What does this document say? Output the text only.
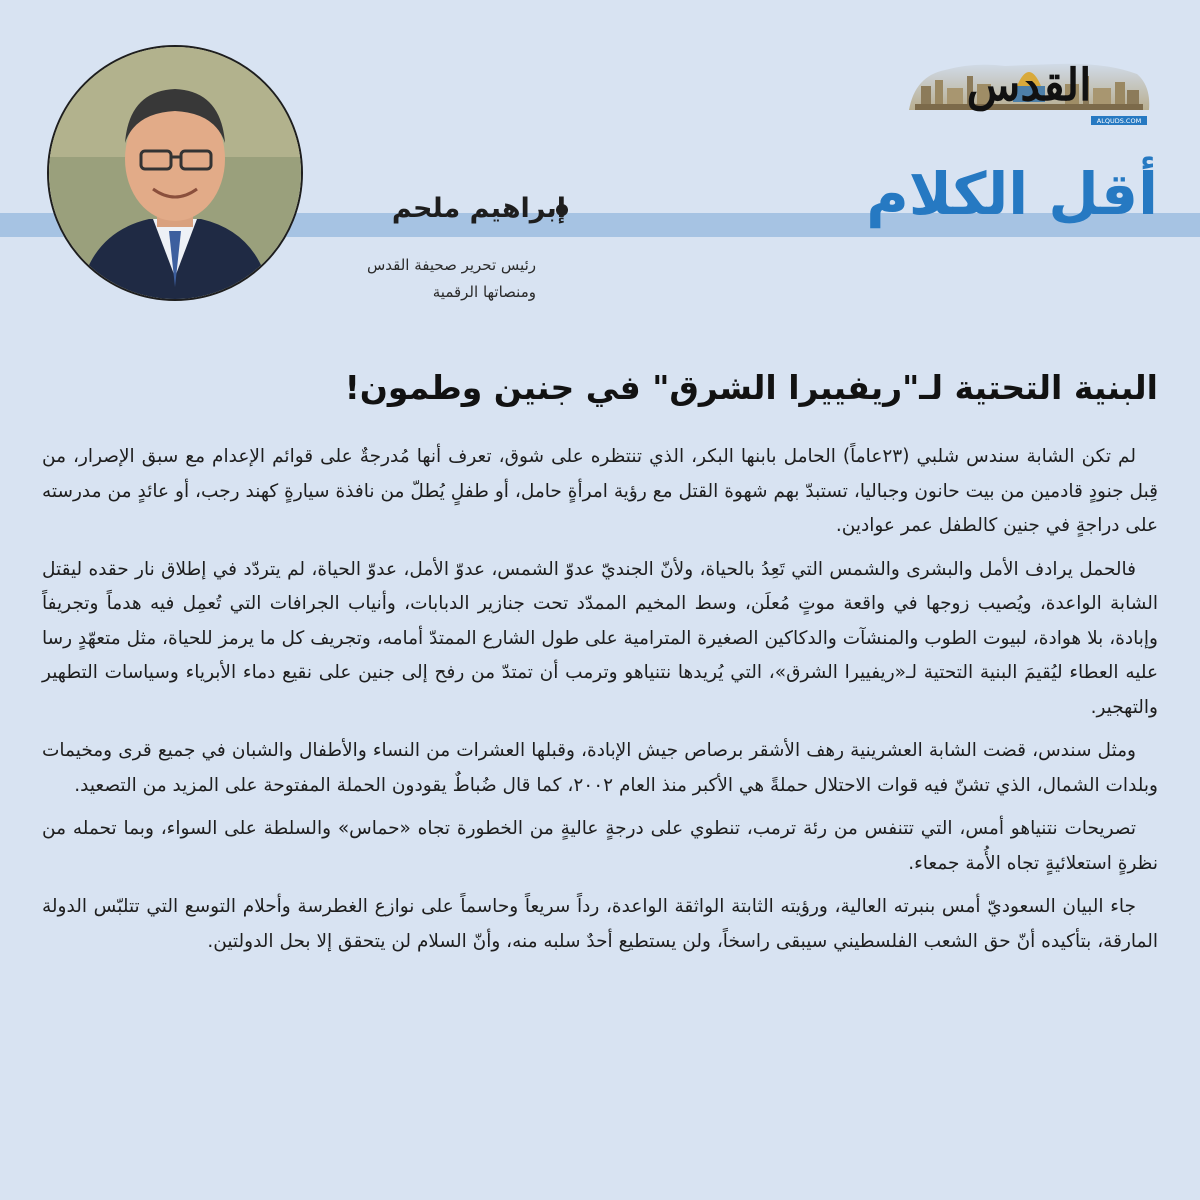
القدس
ALQUDS.COM
أقل الكلام
إبراهيم ملحم
رئيس تحرير صحيفة القدس
ومنصاتها الرقمية
البنية التحتية لـ"ريفييرا الشرق" في جنين وطمون!

لم تكن الشابة سندس شلبي (٢٣عاماً) الحامل بابنها البكر، الذي تنتظره على شوق، تعرف أنها مُدرجةٌ على قوائم الإعدام مع سبق الإصرار، من قِبل جنودٍ قادمين من بيت حانون وجباليا، تستبدّ بهم شهوة القتل مع رؤية امرأةٍ حامل، أو طفلٍ يُطلّ من نافذة سيارةٍ كهند رجب، أو عائدٍ من مدرسته على دراجةٍ في جنين كالطفل عمر عوادين.

فالحمل يرادف الأمل والبشرى والشمس التي تَعِدُ بالحياة، ولأنّ الجنديّ عدوّ الشمس، عدوّ الأمل، عدوّ الحياة، لم يتردّد في إطلاق نار حقده ليقتل الشابة الواعدة، ويُصيب زوجها في واقعة موتٍ مُعلَن، وسط المخيم الممدّد تحت جنازير الدبابات، وأنياب الجرافات التي تُعمِل فيه هدماً وتجريفاً وإبادة، بلا هوادة، لبيوت الطوب والمنشآت والدكاكين الصغيرة المترامية على طول الشارع الممتدّ أمامه، وتجريف كل ما يرمز للحياة، مثل متعهّدٍ رسا عليه العطاء ليُقيمَ البنية التحتية لـ«ريفييرا الشرق»، التي يُريدها نتنياهو وترمب أن تمتدّ من رفح إلى جنين على نقيع دماء الأبرياء وسياسات التطهير والتهجير.

ومثل سندس، قضت الشابة العشرينية رهف الأشقر برصاص جيش الإبادة، وقبلها العشرات من النساء والأطفال والشبان في جميع قرى ومخيمات وبلدات الشمال، الذي تشنّ فيه قوات الاحتلال حملةً هي الأكبر منذ العام ٢٠٠٢، كما قال ضُباطٌ يقودون الحملة المفتوحة على المزيد من التصعيد.

تصريحات نتنياهو أمس، التي تتنفس من رئة ترمب، تنطوي على درجةٍ عاليةٍ من الخطورة تجاه «حماس» والسلطة على السواء، وبما تحمله من نظرةٍ استعلائيةٍ تجاه الأُمة جمعاء.

جاء البيان السعوديّ أمس بنبرته العالية، ورؤيته الثابتة الواثقة الواعدة، رداً سريعاً وحاسماً على نوازع الغطرسة وأحلام التوسع التي تتلبّس الدولة المارقة، بتأكيده أنّ حق الشعب الفلسطيني سيبقى راسخاً، ولن يستطيع أحدٌ سلبه منه، وأنّ السلام لن يتحقق إلا بحل الدولتين.
